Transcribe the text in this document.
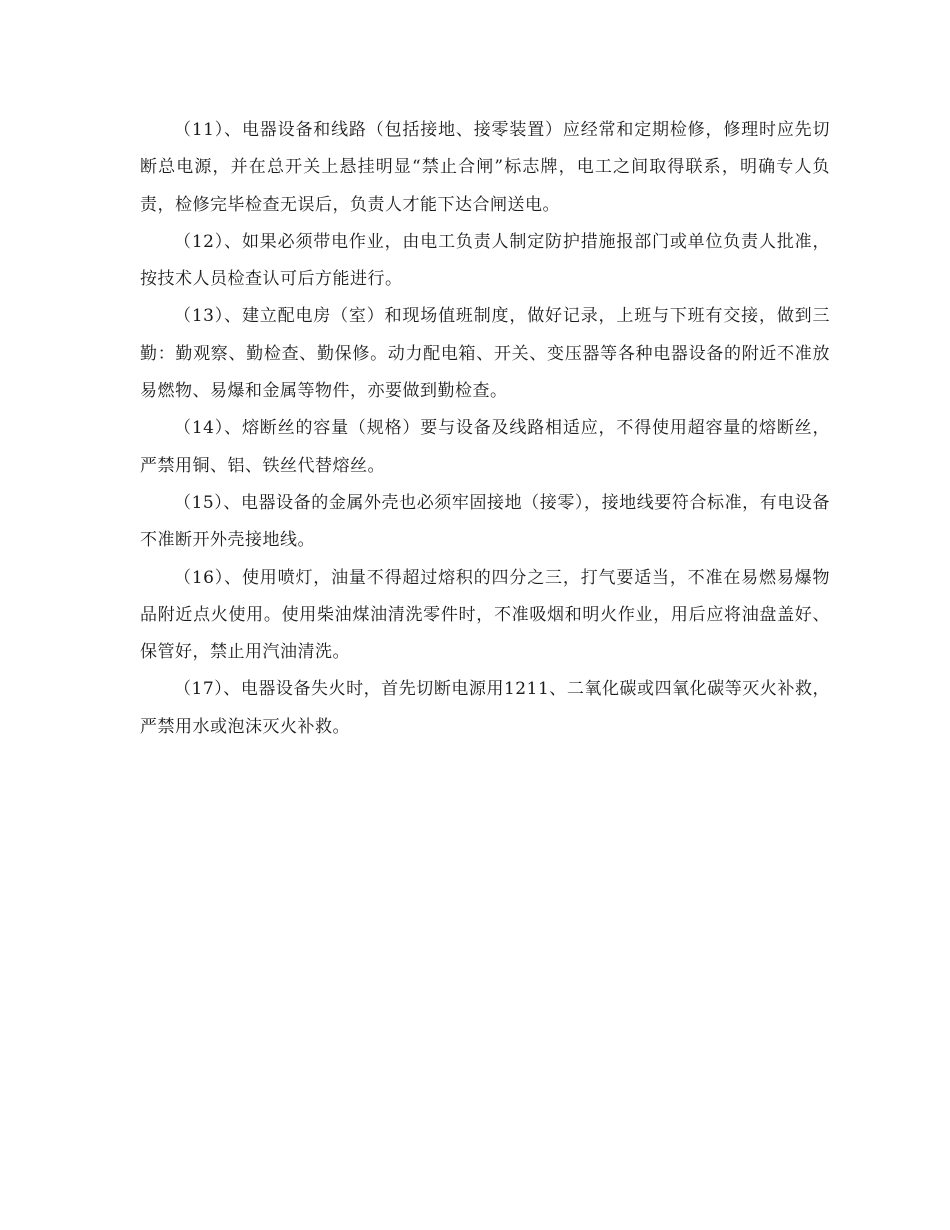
（11）、电器设备和线路（包括接地、接零装置）应经常和定期检修，修理时应先切断总电源，并在总开关上悬挂明显“禁止合闸”标志牌，电工之间取得联系，明确专人负责，检修完毕检查无误后，负责人才能下达合闸送电。

（12）、如果必须带电作业，由电工负责人制定防护措施报部门或单位负责人批准，按技术人员检查认可后方能进行。

（13）、建立配电房（室）和现场值班制度，做好记录，上班与下班有交接，做到三勤：勤观察、勤检查、勤保修。动力配电箱、开关、变压器等各种电器设备的附近不准放易燃物、易爆和金属等物件，亦要做到勤检查。

（14）、熔断丝的容量（规格）要与设备及线路相适应，不得使用超容量的熔断丝，严禁用铜、铝、铁丝代替熔丝。

（15）、电器设备的金属外壳也必须牢固接地（接零），接地线要符合标准，有电设备不准断开外壳接地线。

（16）、使用喷灯，油量不得超过熔积的四分之三，打气要适当，不准在易燃易爆物品附近点火使用。使用柴油煤油清洗零件时，不准吸烟和明火作业，用后应将油盘盖好、保管好，禁止用汽油清洗。

（17）、电器设备失火时，首先切断电源用1211、二氧化碳或四氧化碳等灭火补救，严禁用水或泡沫灭火补救。
